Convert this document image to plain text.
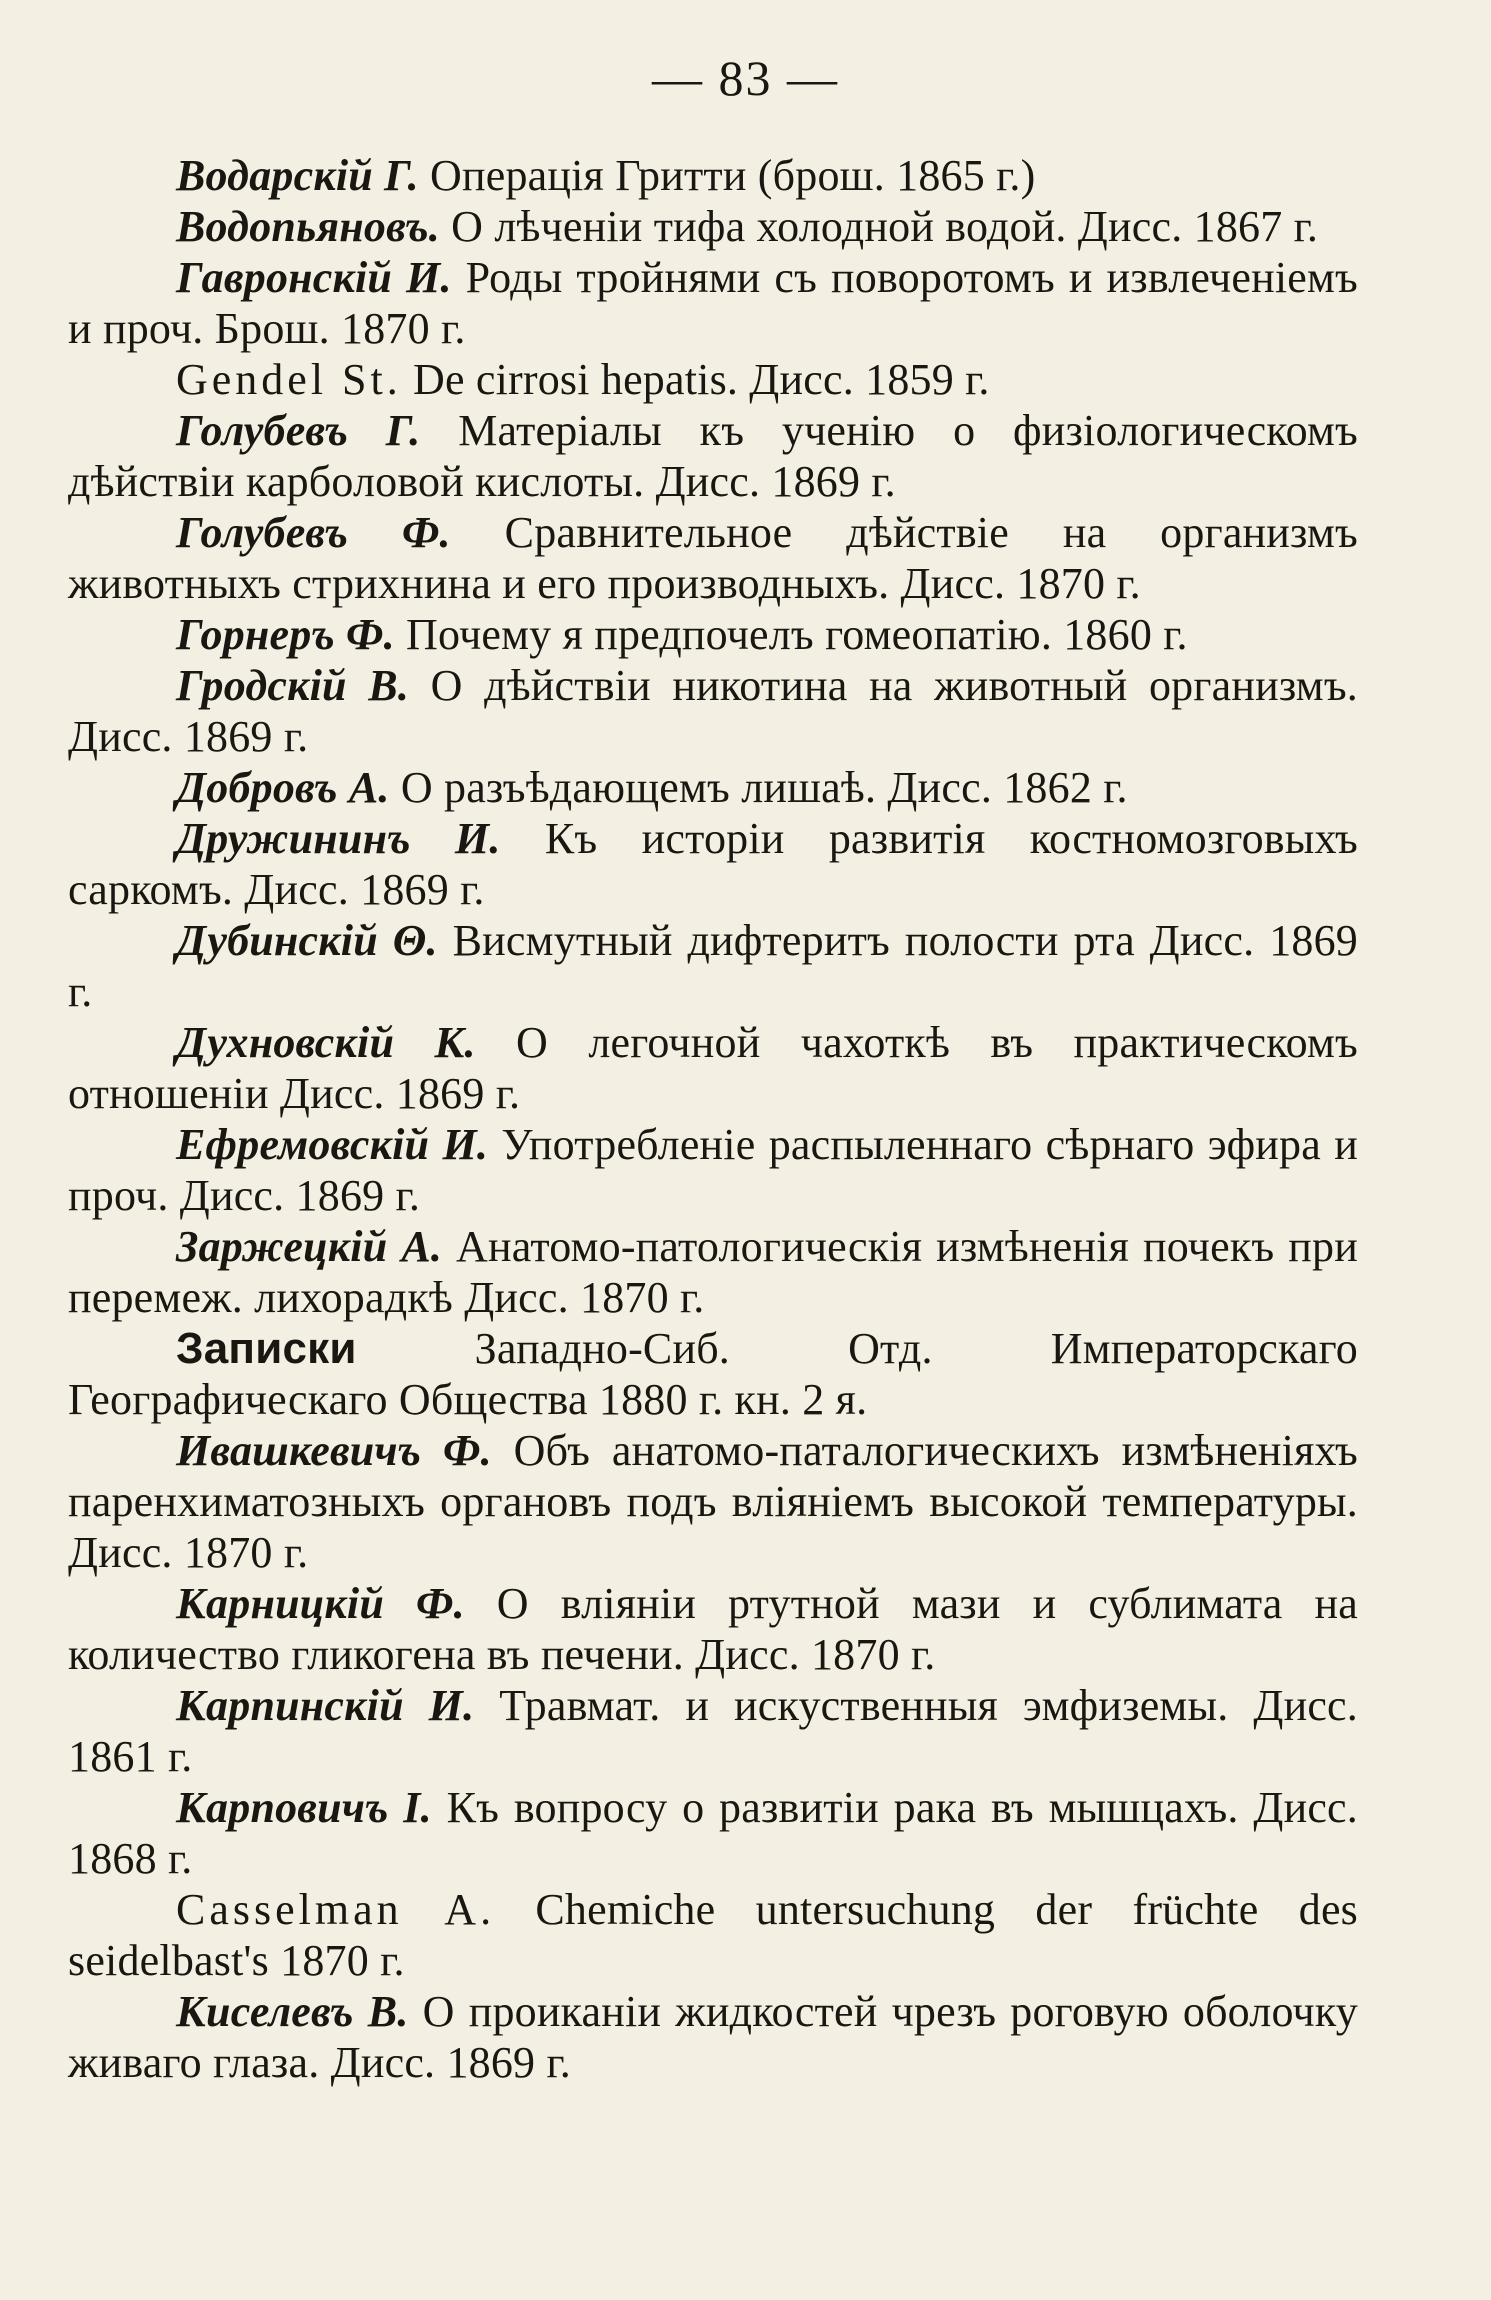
— 83 —

Водарскій Г. Операція Гритти (брош. 1865 г.)

Водопьяновъ. О лѣченіи тифа холодной водой. Дисс. 1867 г.

Гавронскій И. Роды тройнями съ поворотомъ и извлеченіемъ и проч. Брош. 1870 г.

Gendel St. De cirrosi hepatis. Дисс. 1859 г.

Голубевъ Г. Матеріалы къ ученію о физіологическомъ дѣйствіи карболовой кислоты. Дисс. 1869 г.

Голубевъ Ф. Сравнительное дѣйствіе на организмъ животныхъ стрихнина и его производныхъ. Дисс. 1870 г.

Горнеръ Ф. Почему я предпочелъ гомеопатію. 1860 г.

Гродскій В. О дѣйствіи никотина на животный организмъ. Дисс. 1869 г.

Добровъ А. О разъѣдающемъ лишаѣ. Дисс. 1862 г.

Дружининъ И. Къ исторіи развитія костномозговыхъ саркомъ. Дисс. 1869 г.

Дубинскій Θ. Висмутный дифтеритъ полости рта Дисс. 1869 г.

Духновскій К. О легочной чахоткѣ въ практическомъ отношеніи Дисс. 1869 г.

Ефремовскій И. Употребленіе распыленнаго сѣрнаго эфира и проч. Дисс. 1869 г.

Заржецкій А. Анатомо-патологическія измѣненія почекъ при перемеж. лихорадкѣ Дисс. 1870 г.

Записки	Западно-Сиб. Отд. Императорскаго Географическаго Общества 1880 г. кн. 2 я.

Ивашкевичъ Ф. Объ анатомо-паталогическихъ измѣненіяхъ паренхиматозныхъ органовъ подъ вліяніемъ высокой температуры. Дисс. 1870 г.

Карницкій Ф. О вліяніи ртутной мази и сублимата на количество гликогена въ печени. Дисс. 1870 г.

Карпинскій И. Травмат. и искуственныя эмфиземы. Дисс. 1861 г.

Карповичъ І. Къ вопросу о развитіи рака въ мышцахъ. Дисс. 1868 г.

Casselman A. Chemiche untersuchung der früchte des seidelbast's 1870 г.

Киселевъ В. О проиканіи жидкостей чрезъ роговую оболочку живаго глаза. Дисс. 1869 г.
